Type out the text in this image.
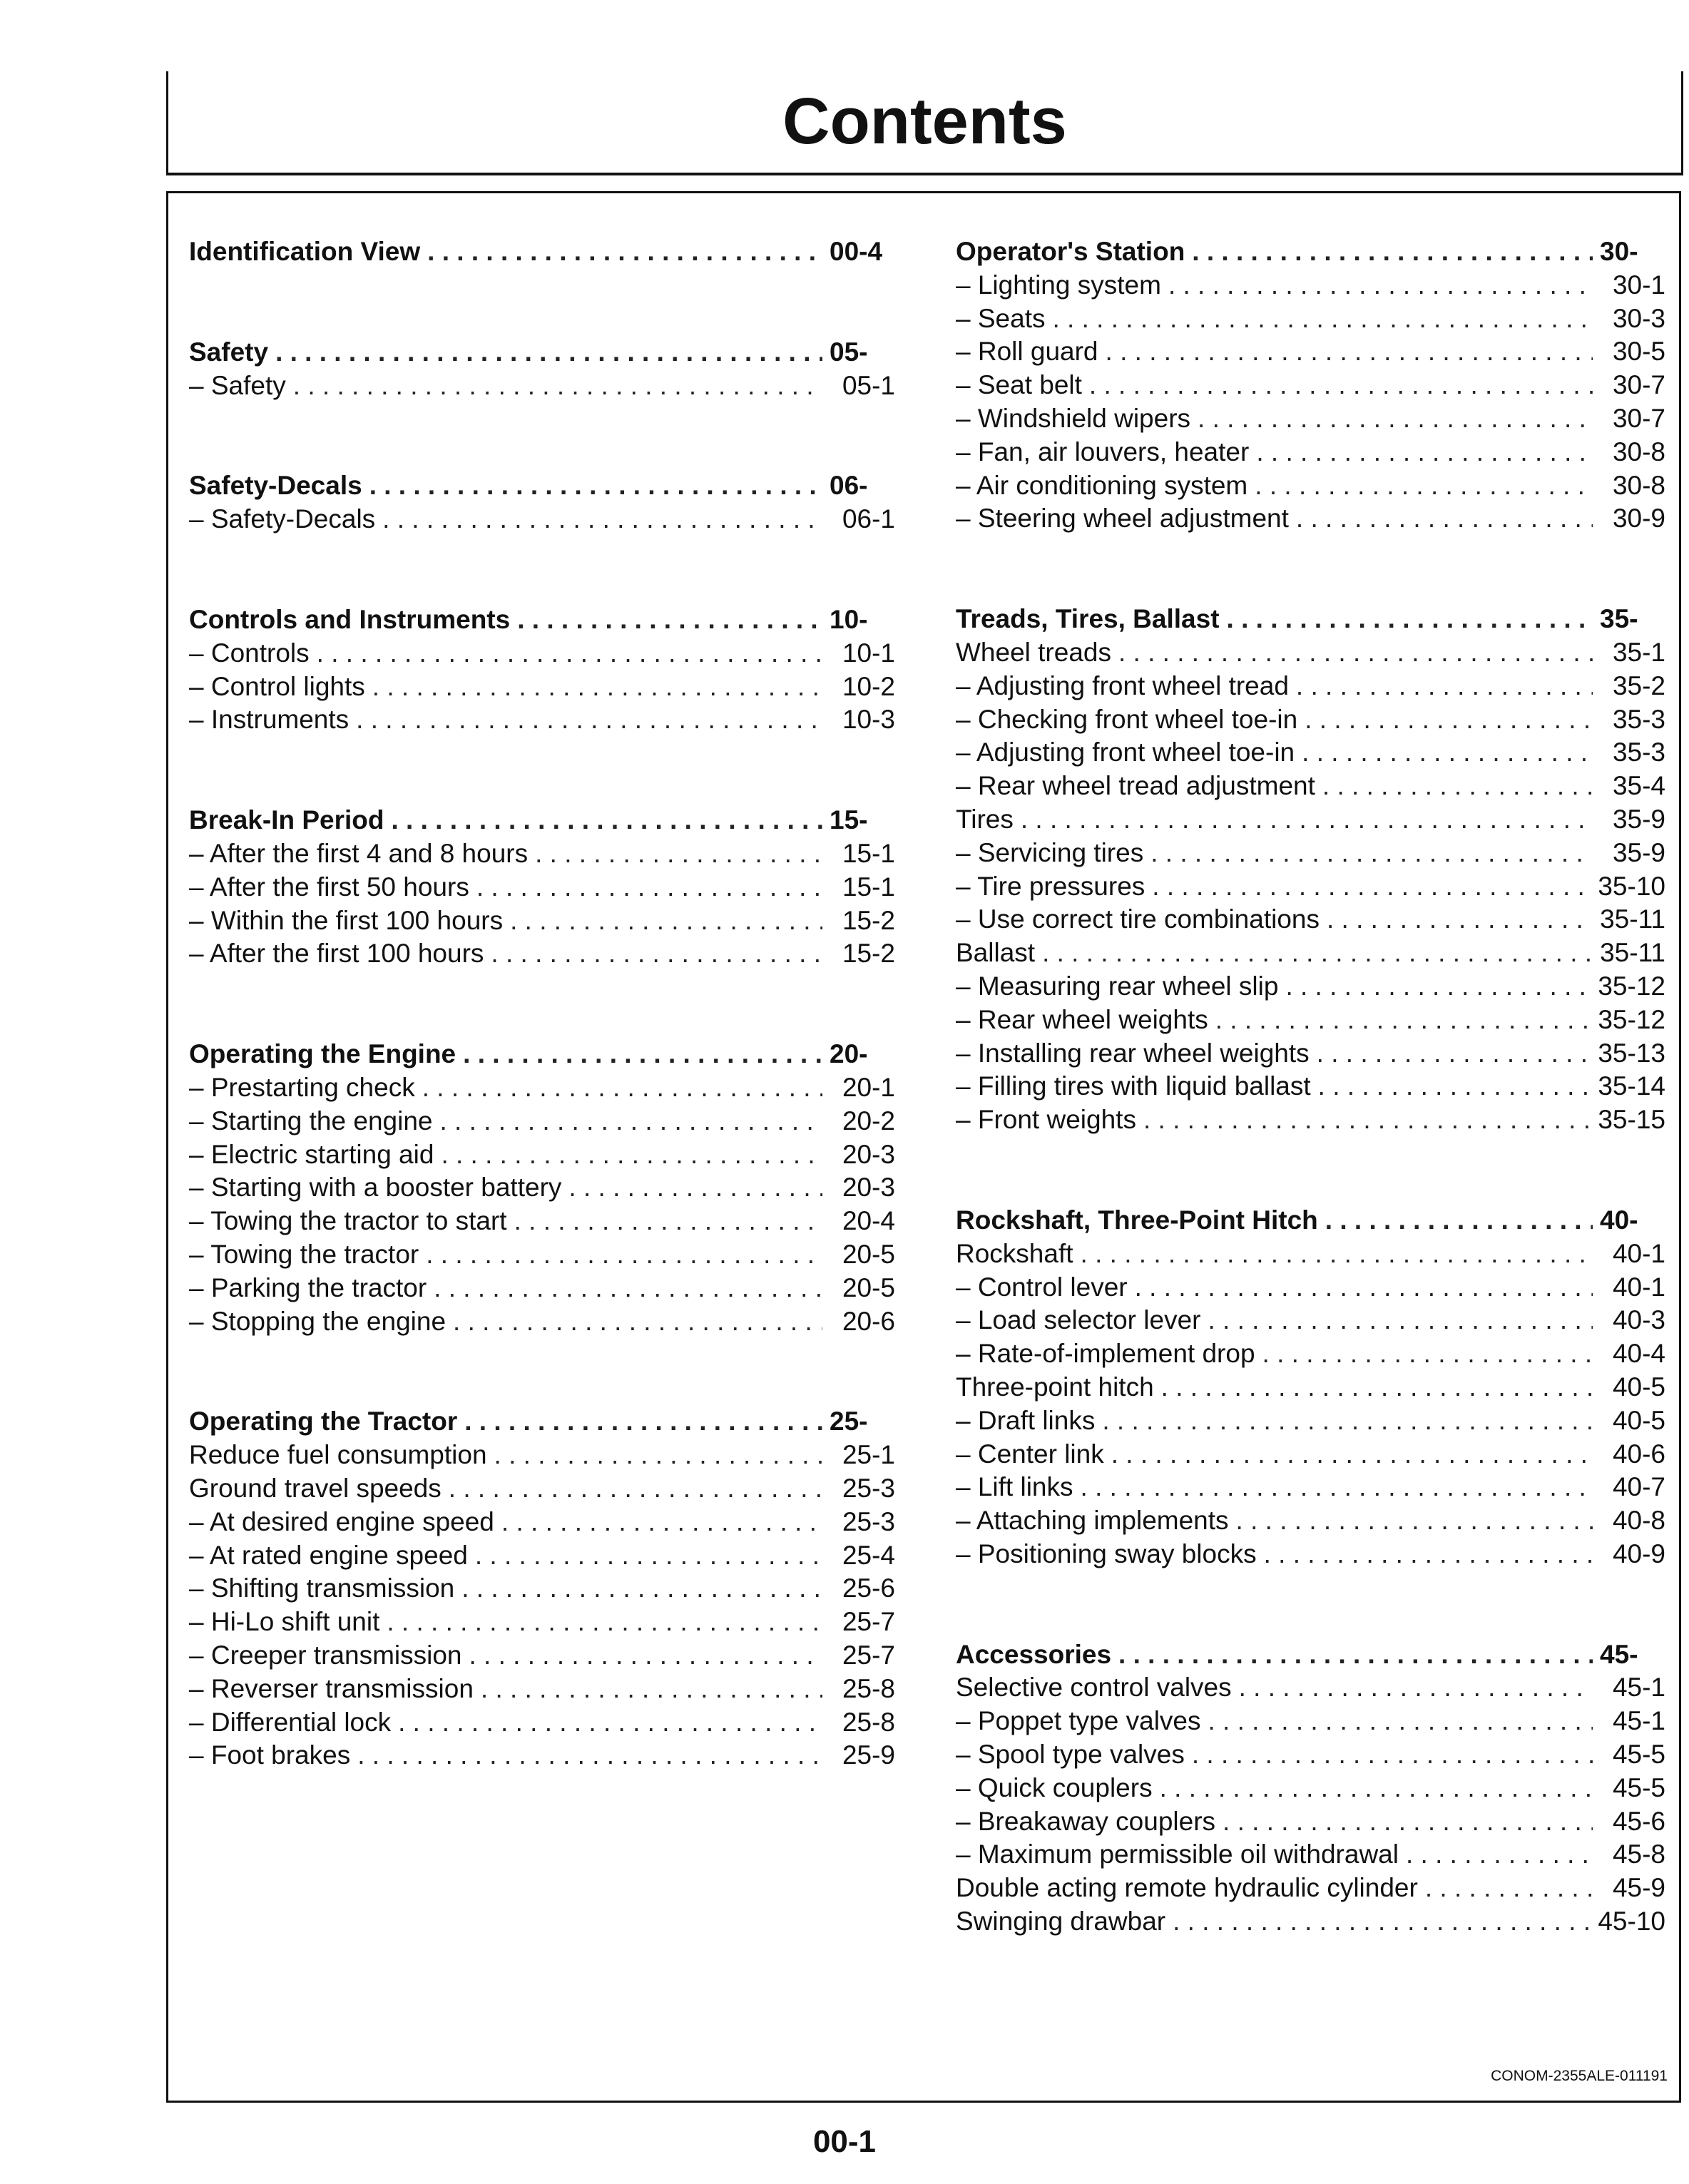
Contents
Identification View . . .	00-4
Safety . . .	05-
– Safety . . .	05-1
Safety-Decals . . .	06-
– Safety-Decals . . .	06-1
Controls and Instruments . . .	10-
– Controls . . .	10-1
– Control lights . . .	10-2
– Instruments . . .	10-3
Break-In Period . . .	15-
– After the first 4 and 8 hours . . .	15-1
– After the first 50 hours . . .	15-1
– Within the first 100 hours . . .	15-2
– After the first 100 hours . . .	15-2
Operating the Engine . . .	20-
– Prestarting check . . .	20-1
– Starting the engine . . .	20-2
– Electric starting aid . . .	20-3
– Starting with a booster battery . . .	20-3
– Towing the tractor to start . . .	20-4
– Towing the tractor . . .	20-5
– Parking the tractor . . .	20-5
– Stopping the engine . . .	20-6
Operating the Tractor . . .	25-
Reduce fuel consumption . . .	25-1
Ground travel speeds . . .	25-3
– At desired engine speed . . .	25-3
– At rated engine speed . . .	25-4
– Shifting transmission . . .	25-6
– Hi-Lo shift unit . . .	25-7
– Creeper transmission . . .	25-7
– Reverser transmission . . .	25-8
– Differential lock . . .	25-8
– Foot brakes . . .	25-9
Operator's Station . . .	30-
– Lighting system . . .	30-1
– Seats . . .	30-3
– Roll guard . . .	30-5
– Seat belt . . .	30-7
– Windshield wipers . . .	30-7
– Fan, air louvers, heater . . .	30-8
– Air conditioning system . . .	30-8
– Steering wheel adjustment . . .	30-9
Treads, Tires, Ballast . . .	35-
Wheel treads . . .	35-1
– Adjusting front wheel tread . . .	35-2
– Checking front wheel toe-in . . .	35-3
– Adjusting front wheel toe-in . . .	35-3
– Rear wheel tread adjustment . . .	35-4
Tires . . .	35-9
– Servicing tires . . .	35-9
– Tire pressures . . .	35-10
– Use correct tire combinations . . .	35-11
Ballast . . .	35-11
– Measuring rear wheel slip . . .	35-12
– Rear wheel weights . . .	35-12
– Installing rear wheel weights . . .	35-13
– Filling tires with liquid ballast . . .	35-14
– Front weights . . .	35-15
Rockshaft, Three-Point Hitch . . .	40-
Rockshaft . . .	40-1
– Control lever . . .	40-1
– Load selector lever . . .	40-3
– Rate-of-implement drop . . .	40-4
Three-point hitch . . .	40-5
– Draft links . . .	40-5
– Center link . . .	40-6
– Lift links . . .	40-7
– Attaching implements . . .	40-8
– Positioning sway blocks . . .	40-9
Accessories . . .	45-
Selective control valves . . .	45-1
– Poppet type valves . . .	45-1
– Spool type valves . . .	45-5
– Quick couplers . . .	45-5
– Breakaway couplers . . .	45-6
– Maximum permissible oil withdrawal . . .	45-8
Double acting remote hydraulic cylinder . . .	45-9
Swinging drawbar . . .	45-10
CONOM-2355ALE-011191
00-1
